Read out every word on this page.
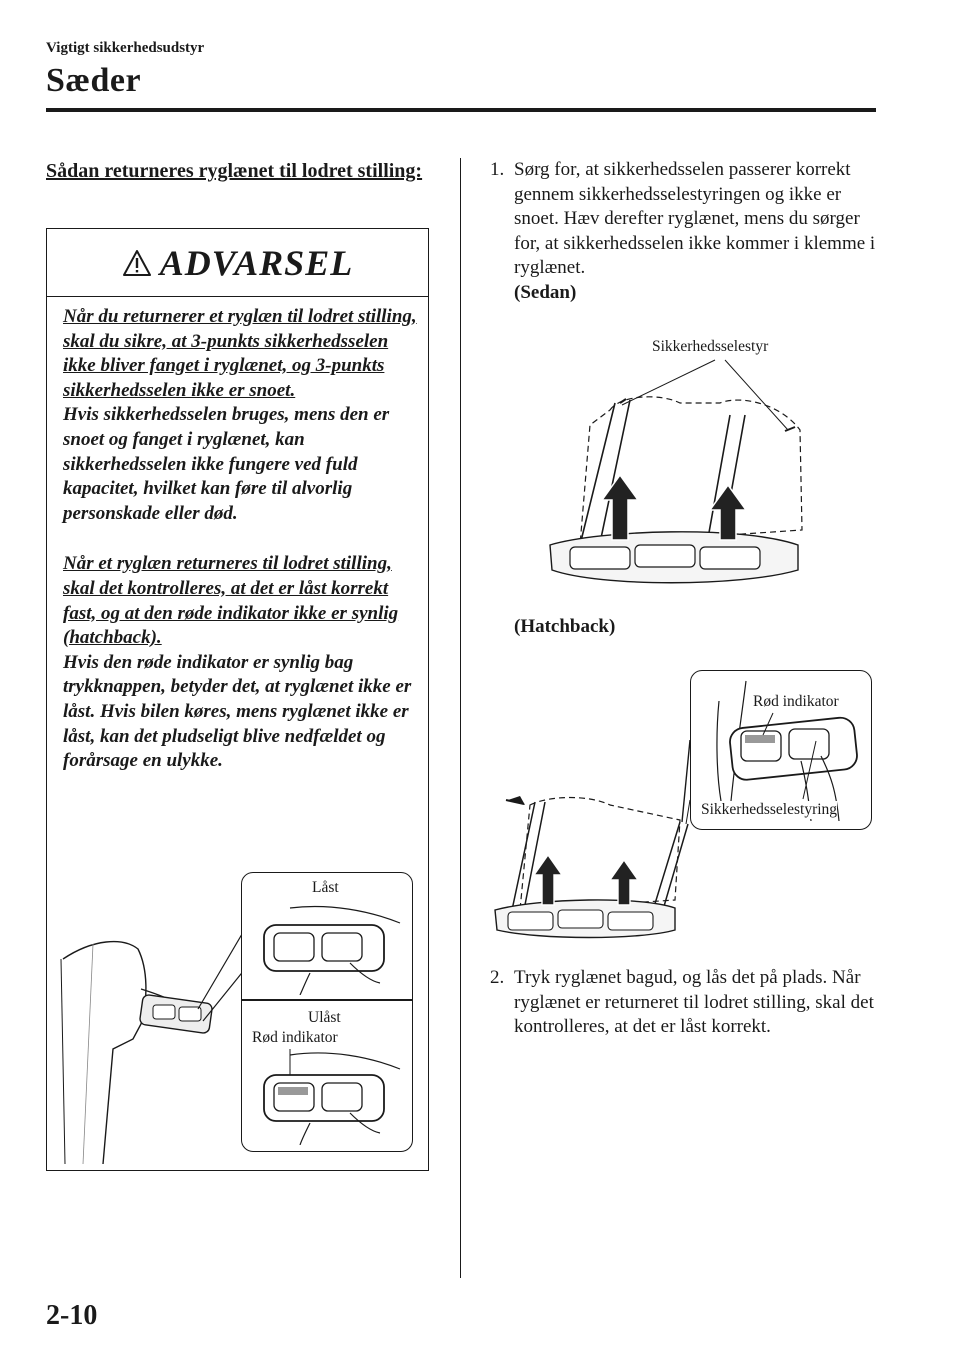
Vigtigt sikkerhedsudstyr
Sæder
Sådan returneres ryglænet til lodret stilling:
ADVARSEL

Når du returnerer et ryglæn til lodret stilling, skal du sikre, at 3-punkts sikkerhedsselen ikke bliver fanget i ryglænet, og 3-punkts sikkerhedsselen ikke er snoet.
Hvis sikkerhedsselen bruges, mens den er snoet og fanget i ryglænet, kan sikkerhedsselen ikke fungere ved fuld kapacitet, hvilket kan føre til alvorlig personskade eller død.

Når et ryglæn returneres til lodret stilling, skal det kontrolleres, at det er låst korrekt fast, og at den røde indikator ikke er synlig (hatchback).
Hvis den røde indikator er synlig bag trykknappen, betyder det, at ryglænet ikke er låst. Hvis bilen køres, mens ryglænet ikke er låst, kan det pludseligt blive nedfældet og forårsage en ulykke.

Låst
Ulåst
Rød indikator
1. Sørg for, at sikkerhedsselen passerer korrekt gennem sikkerhedsselestyringen og ikke er snoet. Hæv derefter ryglænet, mens du sørger for, at sikkerhedsselen ikke kommer i klemme i ryglænet.
(Sedan)
Sikkerhedsselestyr
(Hatchback)
Rød indikator
Sikkerhedsselestyring
2. Tryk ryglænet bagud, og lås det på plads. Når ryglænet er returneret til lodret stilling, skal det kontrolleres, at det er låst korrekt.
2-10
